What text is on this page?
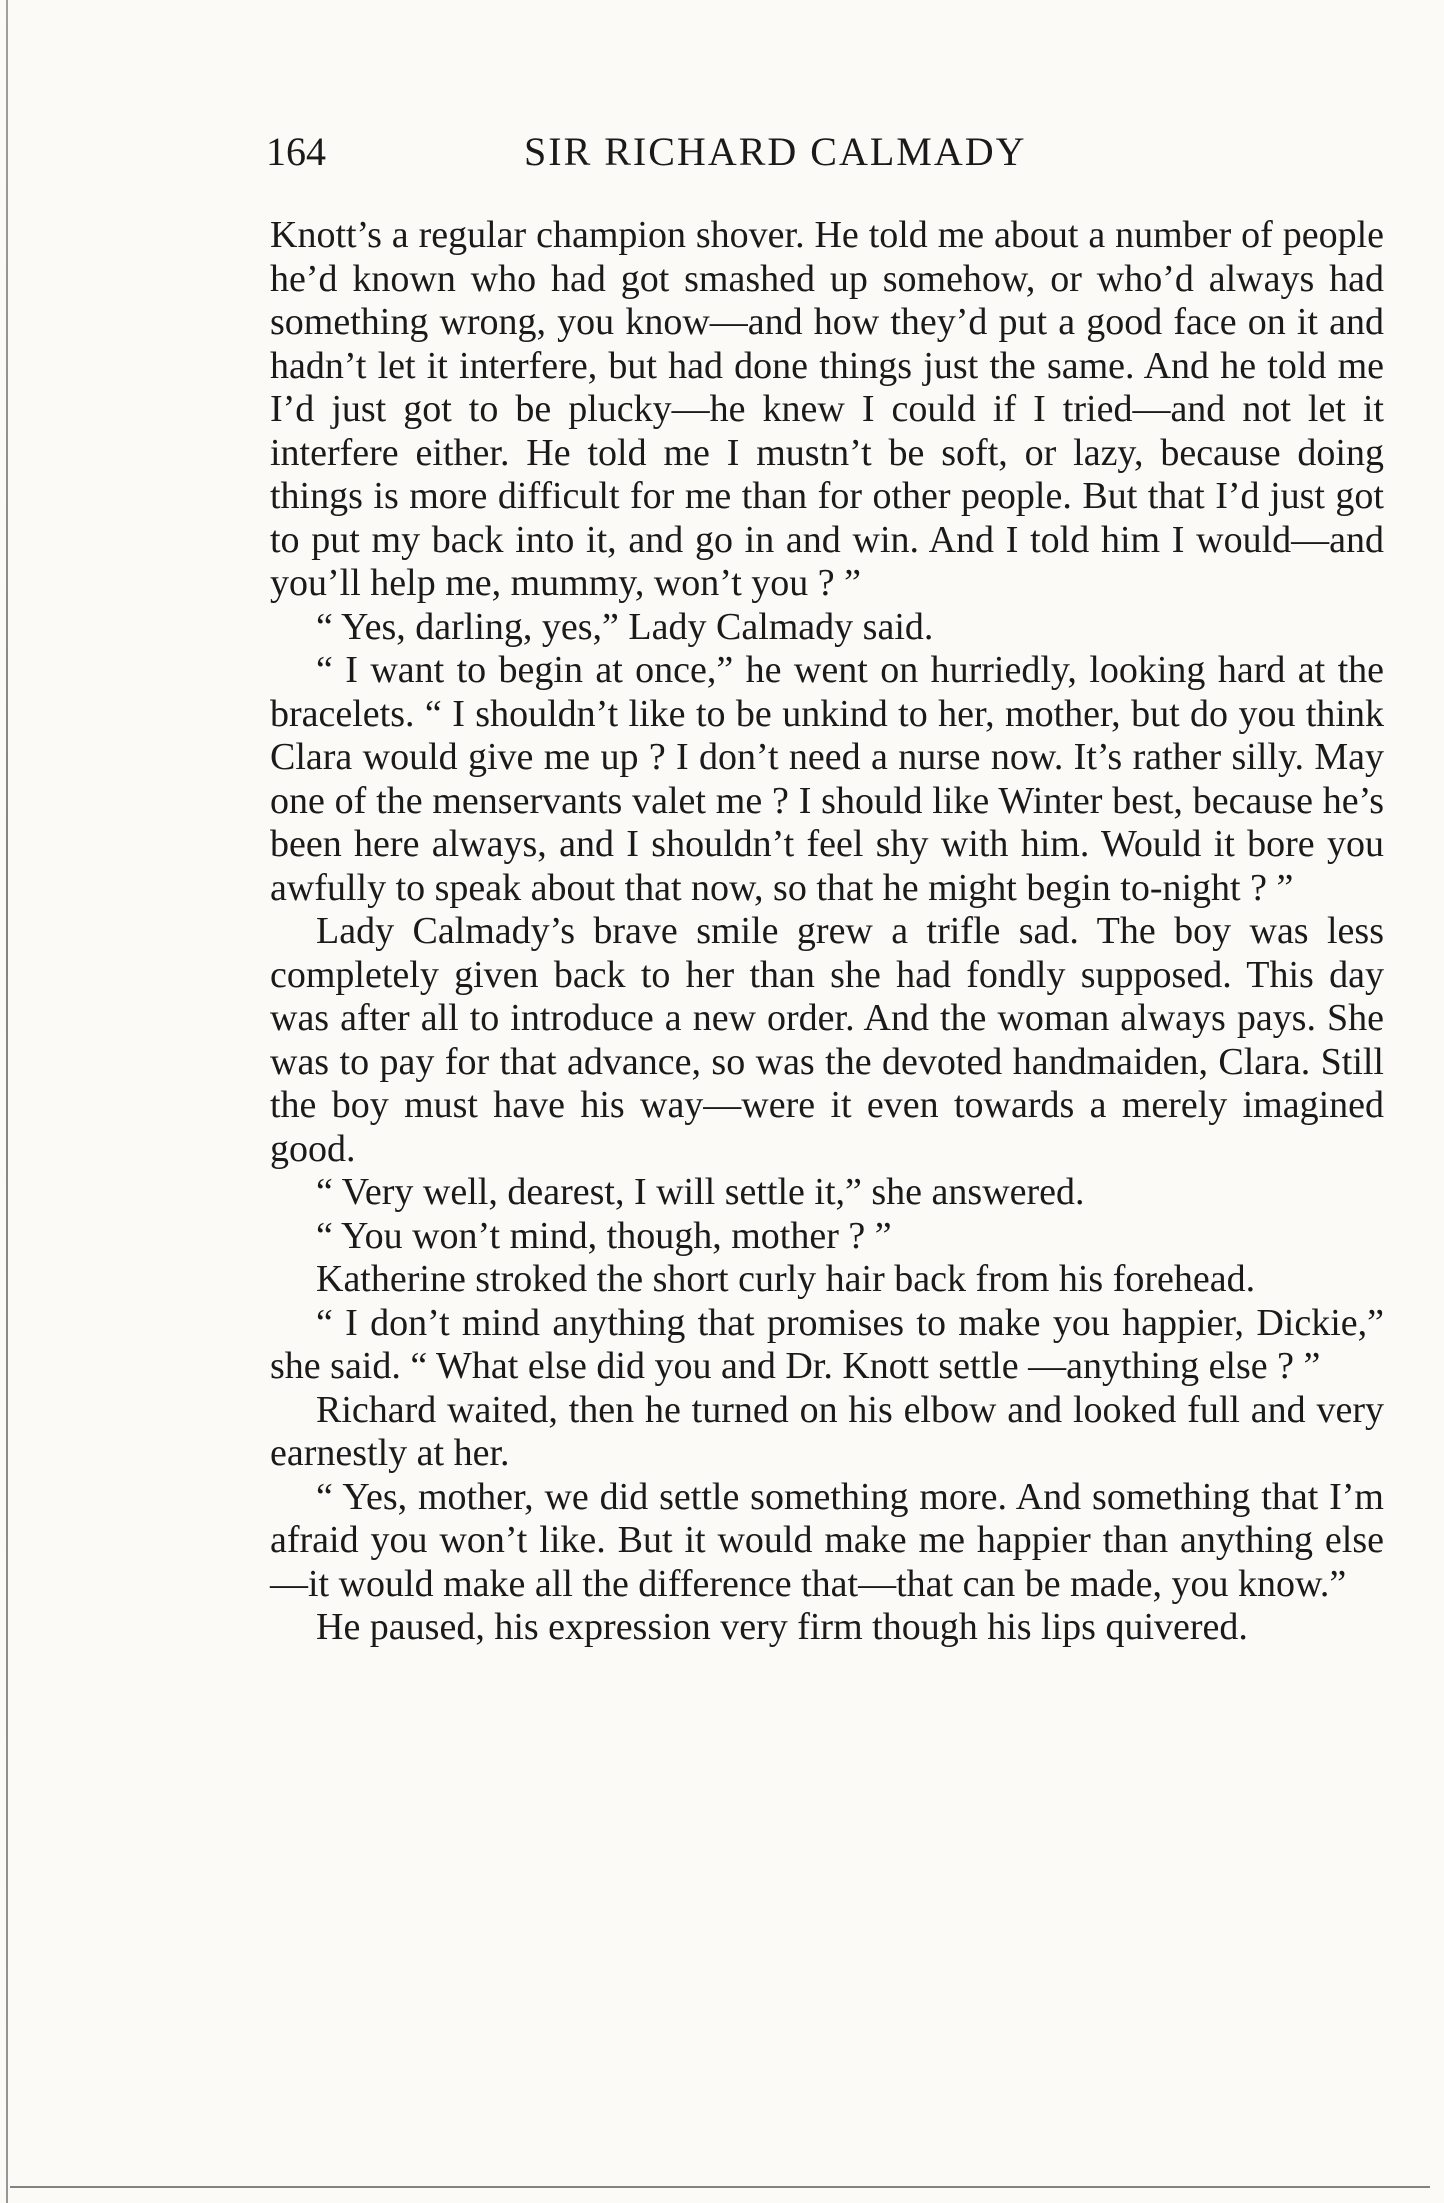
164	SIR RICHARD CALMADY

Knott’s a regular champion shover. He told me about a number of people he’d known who had got smashed up somehow, or who’d always had something wrong, you know—and how they’d put a good face on it and hadn’t let it interfere, but had done things just the same. And he told me I’d just got to be plucky—he knew I could if I tried—and not let it interfere either. He told me I mustn’t be soft, or lazy, because doing things is more difficult for me than for other people. But that I’d just got to put my back into it, and go in and win. And I told him I would—and you’ll help me, mummy, won’t you ? ”

“ Yes, darling, yes,” Lady Calmady said.

“ I want to begin at once,” he went on hurriedly, looking hard at the bracelets. “ I shouldn’t like to be unkind to her, mother, but do you think Clara would give me up ? I don’t need a nurse now. It’s rather silly. May one of the menservants valet me ? I should like Winter best, because he’s been here always, and I shouldn’t feel shy with him. Would it bore you awfully to speak about that now, so that he might begin to-night ? ”

Lady Calmady’s brave smile grew a trifle sad. The boy was less completely given back to her than she had fondly supposed. This day was after all to introduce a new order. And the woman always pays. She was to pay for that advance, so was the devoted handmaiden, Clara. Still the boy must have his way—were it even towards a merely imagined good.

“ Very well, dearest, I will settle it,” she answered.

“ You won’t mind, though, mother ? ”

Katherine stroked the short curly hair back from his forehead.

“ I don’t mind anything that promises to make you happier, Dickie,” she said. “ What else did you and Dr. Knott settle —anything else ? ”

Richard waited, then he turned on his elbow and looked full and very earnestly at her.

“ Yes, mother, we did settle something more. And something that I’m afraid you won’t like. But it would make me happier than anything else—it would make all the difference that—that can be made, you know.”

He paused, his expression very firm though his lips quivered.
